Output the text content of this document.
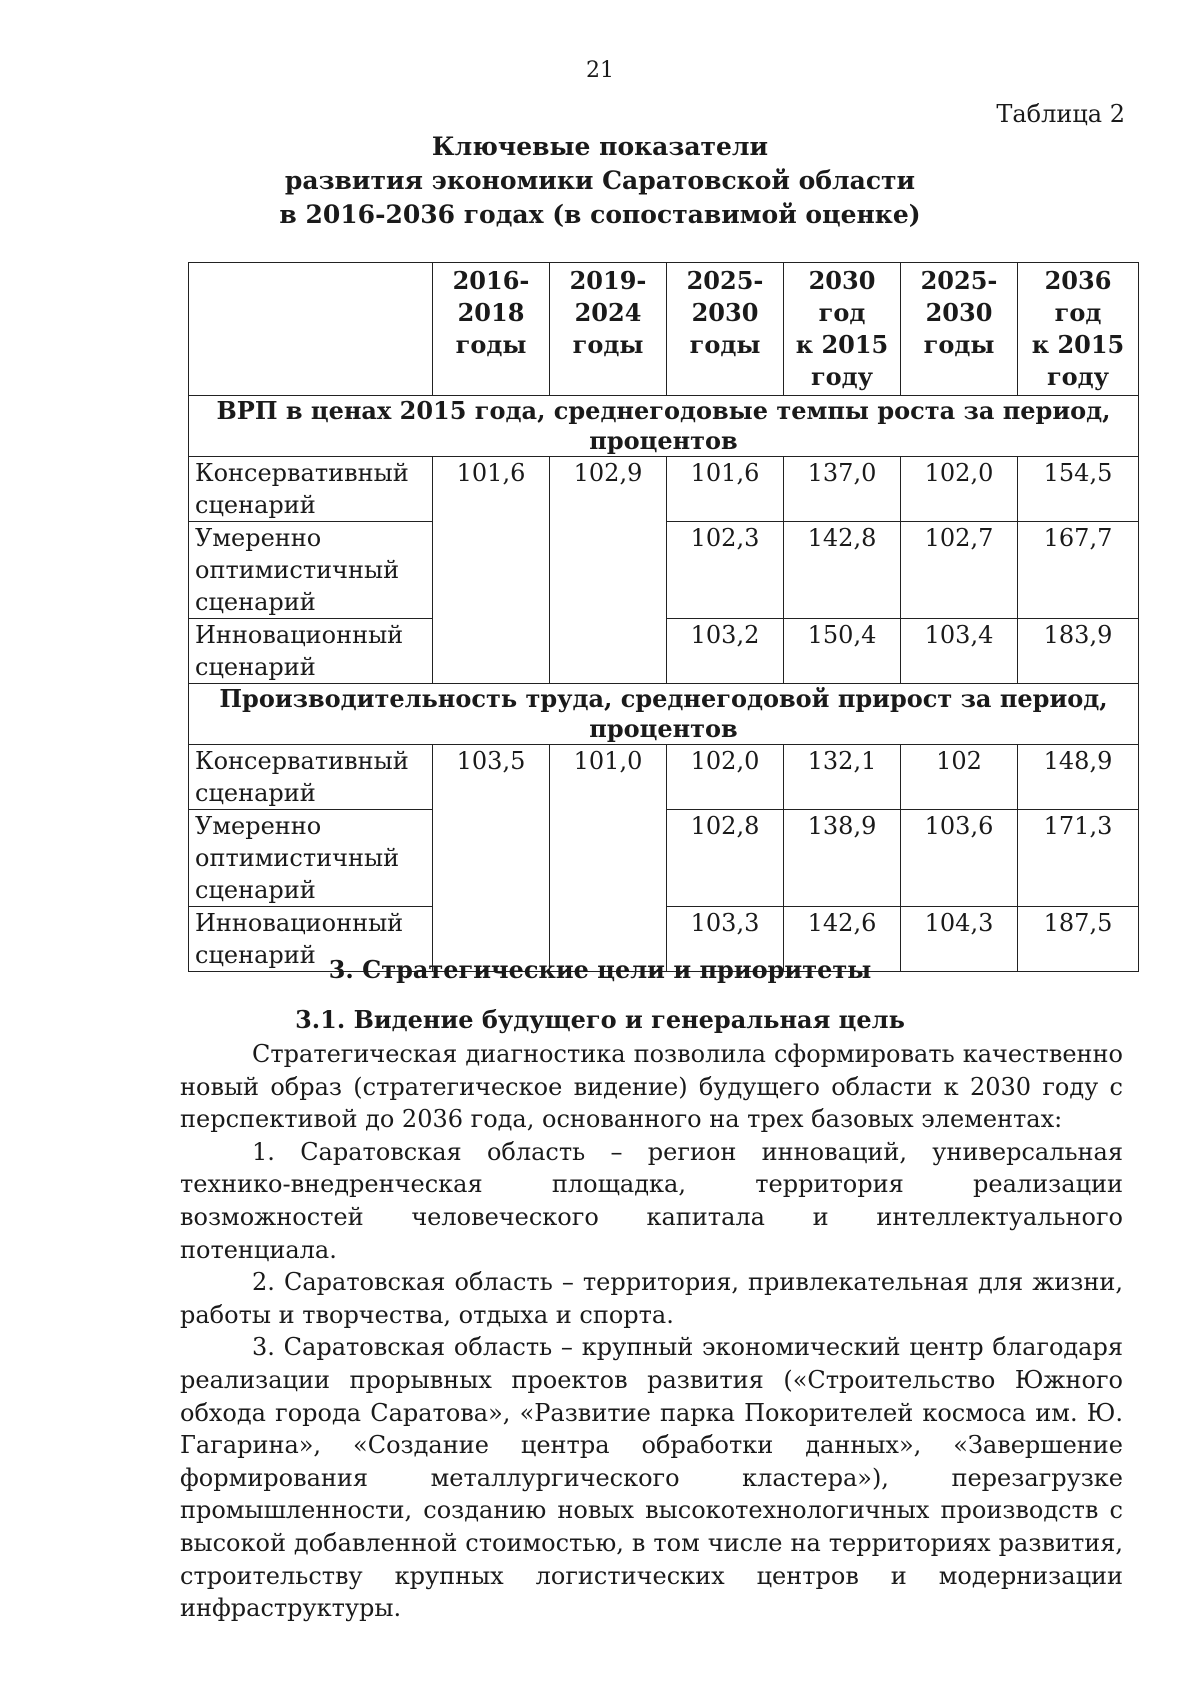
21
Таблица 2
Ключевые показатели
развития экономики Саратовской области
в 2016-2036 годах (в сопоставимой оценке)

	2016-
2018
годы	2019-
2024
годы	2025-
2030
годы	2030
год
к 2015
году	2025-
2030
годы	2036
год
к 2015
году

ВРП в ценах 2015 года, среднегодовые темпы роста за период, процентов						

Консервативный
сценарий	101,6	102,9	101,6	137,0	102,0	154,5

Умеренно
оптимистичный
сценарий			102,3	142,8	102,7	167,7

Инновационный
сценарий			103,2	150,4	103,4	183,9
Производительность труда, среднегодовой прирост за период, процентов						

Консервативный
сценарий	103,5	101,0	102,0	132,1	102	148,9

Умеренно
оптимистичный
сценарий			102,8	138,9	103,6	171,3

Инновационный
сценарий			103,3	142,6	104,3	187,5
3. Стратегические цели и приоритеты
3.1. Видение будущего и генеральная цель

Стратегическая диагностика позволила сформировать качественно новый образ (стратегическое видение) будущего области к 2030 году с перспективой до 2036 года, основанного на трех базовых элементах:

1. Саратовская область – регион инноваций, универсальная технико-внедренческая площадка, территория реализации возможностей человеческого капитала и интеллектуального потенциала.

2. Саратовская область – территория, привлекательная для жизни, работы и творчества, отдыха и спорта.

3. Саратовская область – крупный экономический центр благодаря реализации прорывных проектов развития («Строительство Южного обхода города Саратова», «Развитие парка Покорителей космоса им. Ю. Гагарина», «Создание центра обработки данных», «Завершение формирования металлургического кластера»), перезагрузке промышленности, созданию новых высокотехнологичных производств с высокой добавленной стоимостью, в том числе на территориях развития, строительству крупных логистических центров и модернизации инфраструктуры.
